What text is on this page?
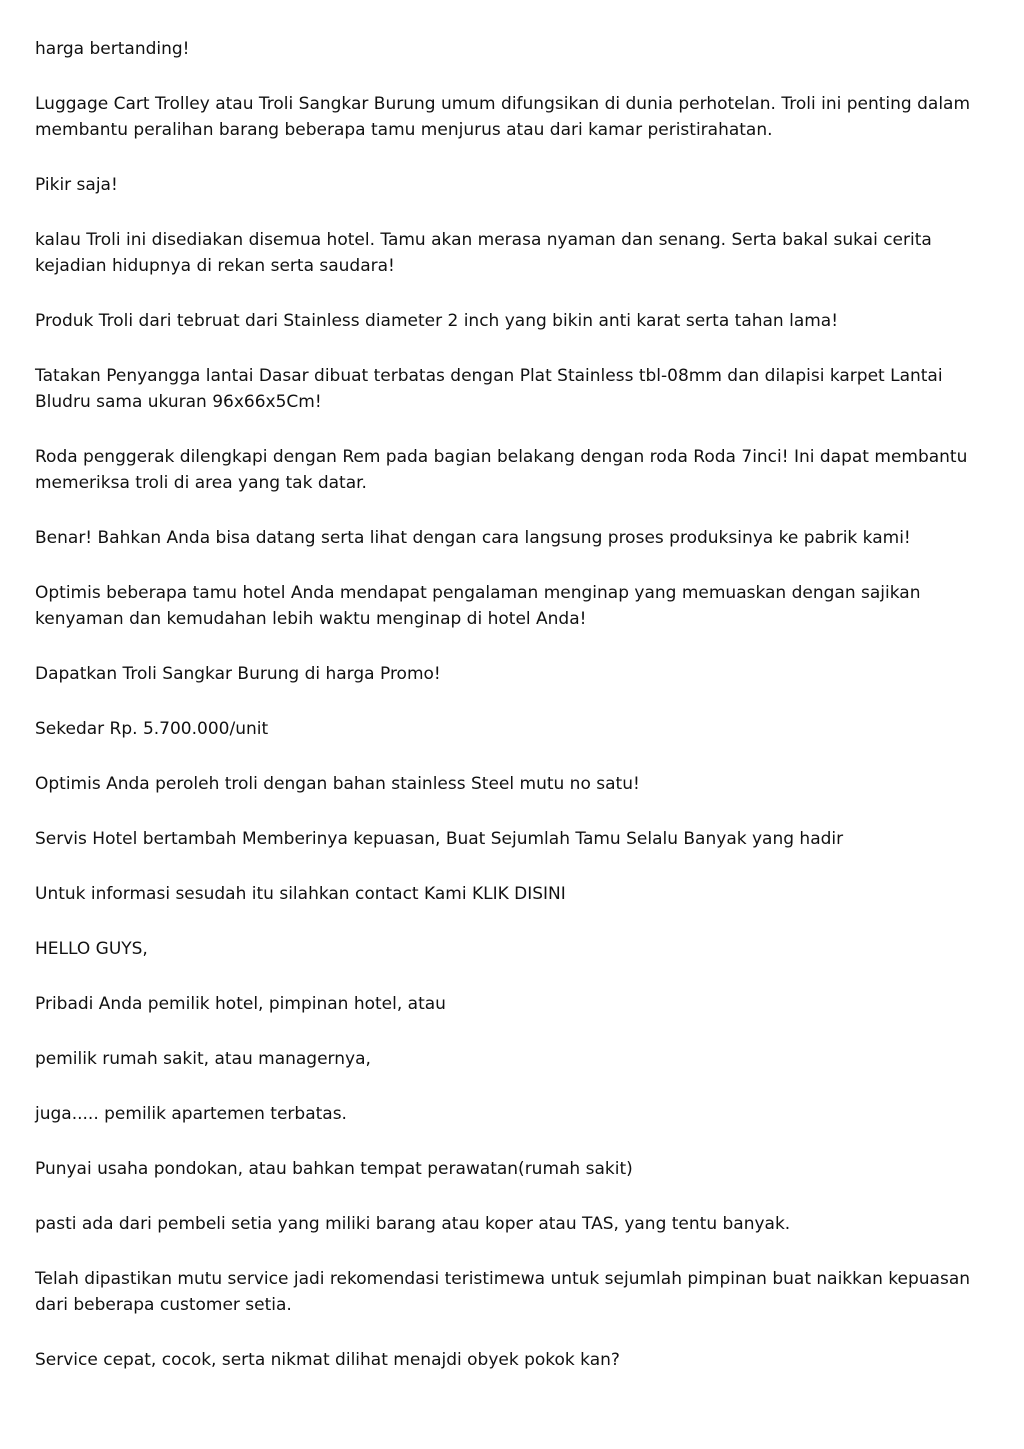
harga bertanding!

Luggage Cart Trolley atau Troli Sangkar Burung umum difungsikan di dunia perhotelan. Troli ini penting dalam membantu peralihan barang beberapa tamu menjurus atau dari kamar peristirahatan.

Pikir saja!

kalau Troli ini disediakan disemua hotel. Tamu akan merasa nyaman dan senang. Serta bakal sukai cerita kejadian hidupnya di rekan serta saudara!

Produk Troli dari tebruat dari Stainless diameter 2 inch yang bikin anti karat serta tahan lama!

Tatakan Penyangga lantai Dasar dibuat terbatas dengan Plat Stainless tbl-08mm dan dilapisi karpet Lantai Bludru sama ukuran 96x66x5Cm!

Roda penggerak dilengkapi dengan Rem pada bagian belakang dengan roda Roda 7inci! Ini dapat membantu memeriksa troli di area yang tak datar.

Benar! Bahkan Anda bisa datang serta lihat dengan cara langsung proses produksinya ke pabrik kami!

Optimis beberapa tamu hotel Anda mendapat pengalaman menginap yang memuaskan dengan sajikan kenyaman dan kemudahan lebih waktu menginap di hotel Anda!

Dapatkan Troli Sangkar Burung di harga Promo!

Sekedar Rp. 5.700.000/unit

Optimis Anda peroleh troli dengan bahan stainless Steel mutu no satu!

Servis Hotel bertambah Memberinya kepuasan, Buat Sejumlah Tamu Selalu Banyak yang hadir

Untuk informasi sesudah itu silahkan contact Kami KLIK DISINI

HELLO GUYS,

Pribadi Anda pemilik hotel, pimpinan hotel, atau

pemilik rumah sakit, atau managernya,

juga..... pemilik apartemen terbatas.

Punyai usaha pondokan, atau bahkan tempat perawatan(rumah sakit)

pasti ada dari pembeli setia yang miliki barang atau koper atau TAS, yang tentu banyak.

Telah dipastikan mutu service jadi rekomendasi teristimewa untuk sejumlah pimpinan buat naikkan kepuasan dari beberapa customer setia.

Service cepat, cocok, serta nikmat dilihat menajdi obyek pokok kan?
